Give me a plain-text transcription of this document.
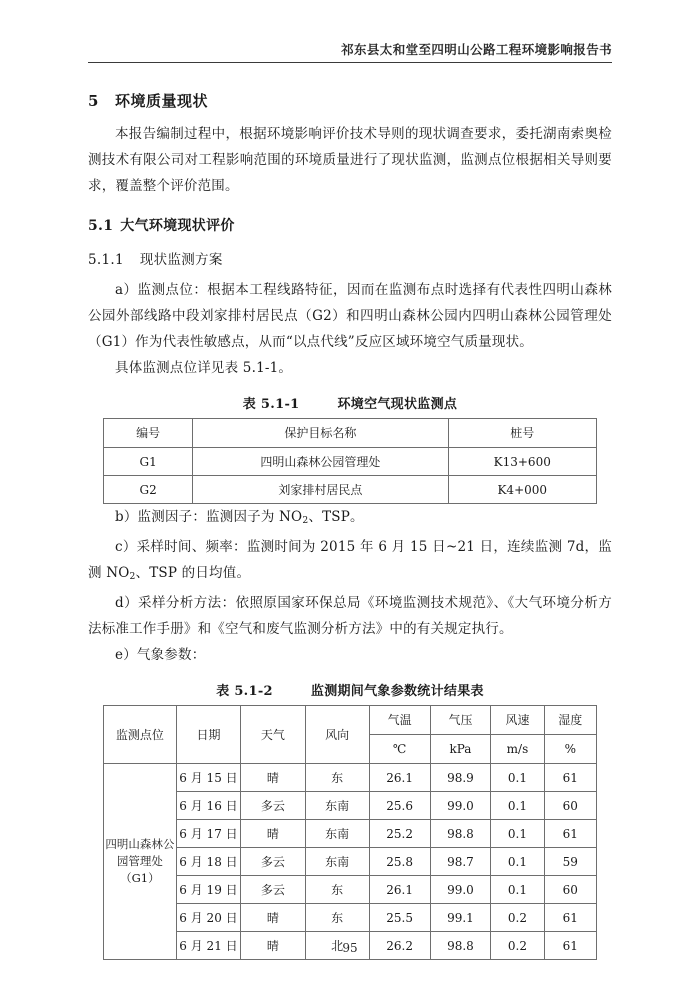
祁东县太和堂至四明山公路工程环境影响报告书
5 环境质量现状

本报告编制过程中，根据环境影响评价技术导则的现状调查要求，委托湖南索奥检测技术有限公司对工程影响范围的环境质量进行了现状监测，监测点位根据相关导则要求，覆盖整个评价范围。

5.1 大气环境现状评价
5.1.1 现状监测方案

a）监测点位：根据本工程线路特征，因而在监测布点时选择有代表性四明山森林公园外部线路中段刘家排村居民点（G2）和四明山森林公园内四明山森林公园管理处（G1）作为代表性敏感点，从而“以点代线”反应区域环境空气质量现状。

具体监测点位详见表 5.1-1。

表 5.1-1	环境空气现状监测点
编号	保护目标名称	桩号
G1	四明山森林公园管理处	K13+600
G2	刘家排村居民点	K4+000

b）监测因子：监测因子为 $NO_2$、TSP。

c）采样时间、频率：监测时间为 2015 年 6 月 15 日~21 日，连续监测 7d，监测 $NO_2$、TSP 的日均值。

d）采样分析方法：依照原国家环保总局《环境监测技术规范》、《大气环境分析方法标准工作手册》和《空气和废气监测分析方法》中的有关规定执行。

e）气象参数：

表 5.1-2	监测期间气象参数统计结果表
监测点位	日期	天气	风向	气温	气压	风速	湿度
				℃	kPa	m/s	%
四明山森林公园管理处（G1）	6 月 15 日	晴	东	26.1	98.9	0.1	61
	6 月 16 日	多云	东南	25.6	99.0	0.1	60
	6 月 17 日	晴	东南	25.2	98.8	0.1	61
	6 月 18 日	多云	东南	25.8	98.7	0.1	59
	6 月 19 日	多云	东	26.1	99.0	0.1	60
	6 月 20 日	晴	东	25.5	99.1	0.2	61
	6 月 21 日	晴	北	26.2	98.8	0.2	61
95
